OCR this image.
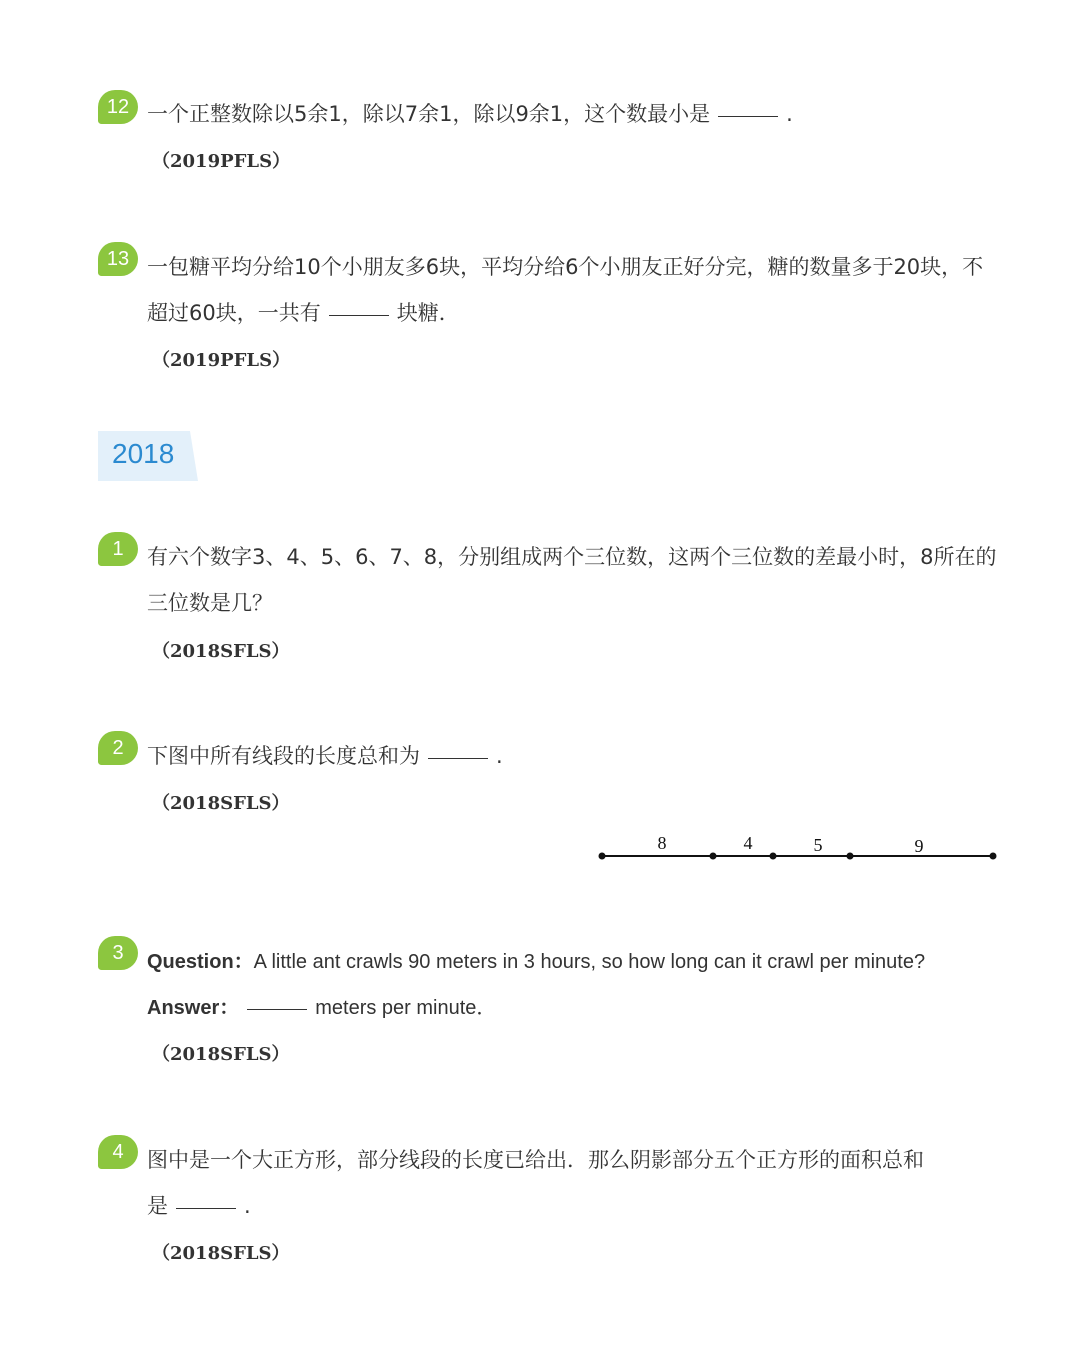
12 一个正整数除以5余1，除以7余1，除以9余1，这个数最小是	.
（2019PFLS）
13 一包糖平均分给10个小朋友多6块，平均分给6个小朋友正好分完，糖的数量多于20块，不
超过60块，一共有	块糖．
（2019PFLS）
2018
1	有六个数字3、4、5、6、7、8，分别组成两个三位数，这两个三位数的差最小时，8所在的
三位数是几？
（2018SFLS）
2	下图中所有线段的长度总和为	.
（2018SFLS）
8	4	5	9
3	Question：A little ant crawls 90 meters in 3 hours, so how long can it crawl per minute?
Answer：	meters per minute．
（2018SFLS）
4	图中是一个大正方形，部分线段的长度已给出．那么阴影部分五个正方形的面积总和
是	.
（2018SFLS）
